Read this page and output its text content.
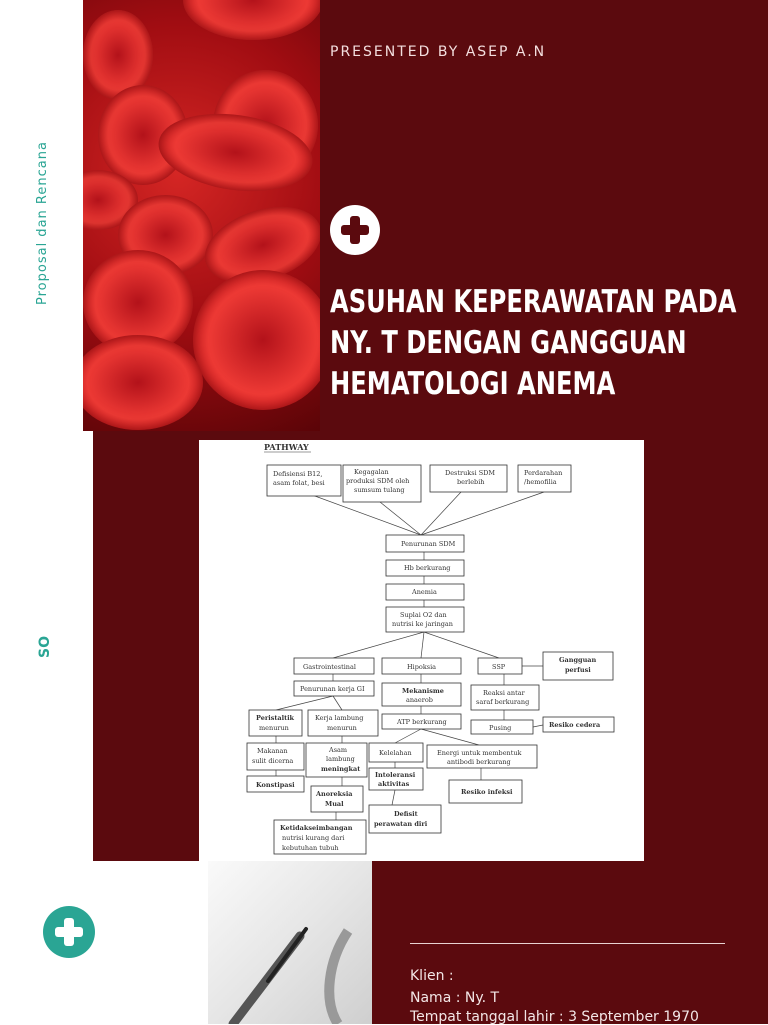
PRESENTED BY ASEP A.N
ASUHAN KEPERAWATAN PADA
NY. T DENGAN GANGGUAN
HEMATOLOGI ANEMA
Proposal dan Rencana
SO
PATHWAY
Defisiensi B12,
asam folat, besi
Kegagalan
produksi SDM oleh
sumsum tulang
Destruksi SDM
berlebih
Perdarahan
/hemofilia
Penurunan SDM
Hb berkurang
Anemia
Suplai O2 dan
nutrisi ke jaringan
Gastrointestinal	Hipoksia	SSP
Gangguan
perfusi
Penurunan kerja GI	Mekanisme
anaerob
Reaksi antar
saraf berkurang
Peristaltik
menurun
Kerja lambung
menurun
ATP berkurang
Pusing	Resiko cedera
Makanan
sulit dicerna
Asam
lambung
meningkat
Kelelahan	Energi untuk membentuk
antibodi berkurang
Konstipasi
Anoreksia
Mual
Intoleransi
aktivitas
Resiko infeksi
Defisit
perawatan diri
Ketidakseimbangan
nutrisi kurang dari
kebutuhan tubuh
Klien :
Nama : Ny. T
Tempat tanggal lahir : 3 September 1970
